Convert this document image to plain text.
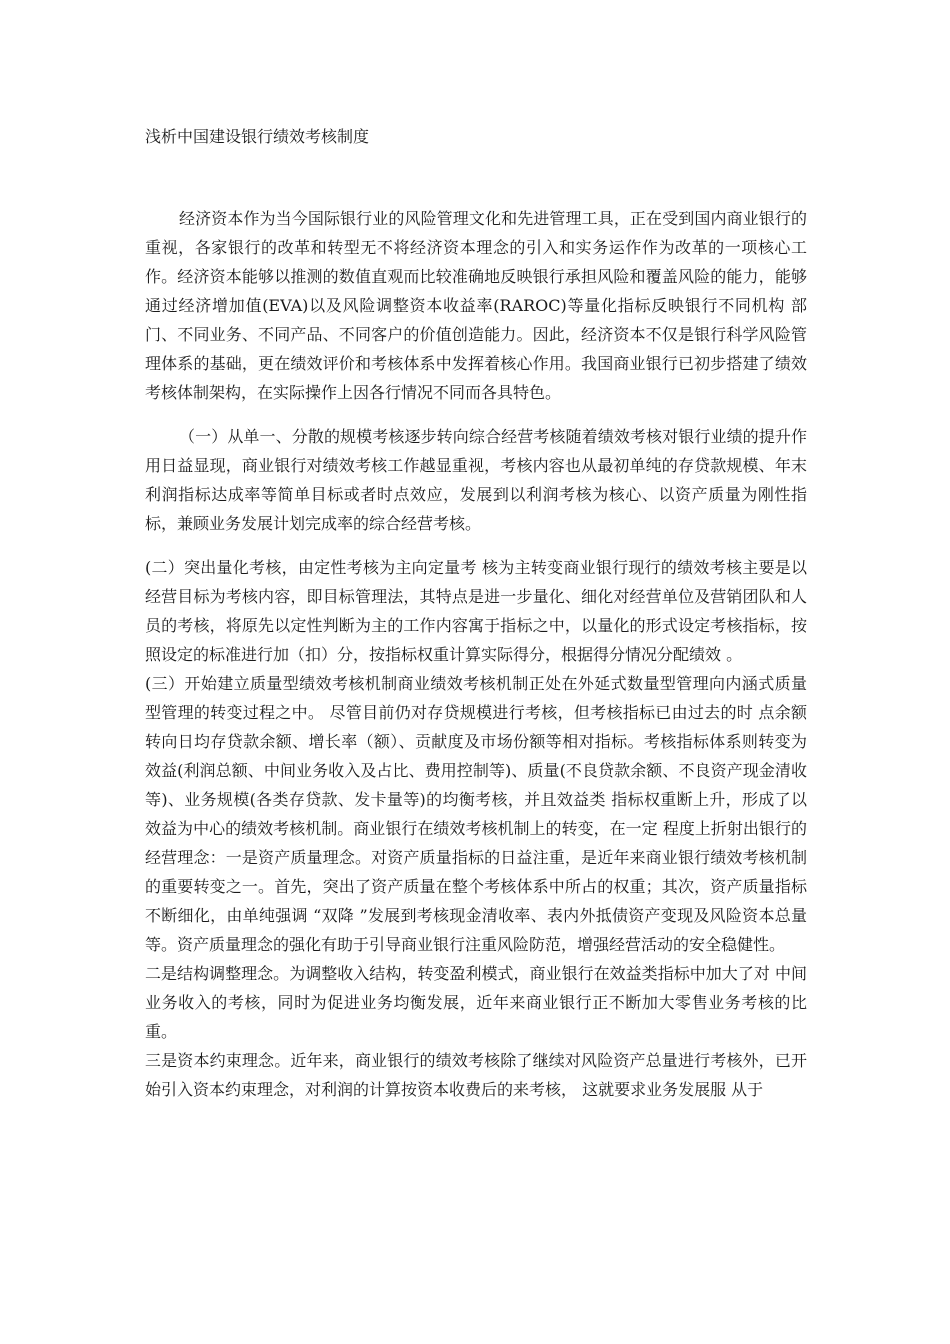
浅析中国建设银行绩效考核制度

经济资本作为当今国际银行业的风险管理文化和先进管理工具，正在受到国内商业银行的重视，各家银行的改革和转型无不将经济资本理念的引入和实务运作作为改革的一项核心工作。经济资本能够以推测的数值直观而比较准确地反映银行承担风险和覆盖风险的能力，能够通过经济增加值(EVA)以及风险调整资本收益率(RAROC)等量化指标反映银行不同机构 部门、不同业务、不同产品、不同客户的价值创造能力。因此，经济资本不仅是银行科学风险管理体系的基础，更在绩效评价和考核体系中发挥着核心作用。我国商业银行已初步搭建了绩效考核体制架构，在实际操作上因各行情况不同而各具特色。

（一）从单一、分散的规模考核逐步转向综合经营考核随着绩效考核对银行业绩的提升作用日益显现，商业银行对绩效考核工作越显重视，考核内容也从最初单纯的存贷款规模、年末利润指标达成率等简单目标或者时点效应，发展到以利润考核为核心、以资产质量为刚性指标，兼顾业务发展计划完成率的综合经营考核。

(二）突出量化考核，由定性考核为主向定量考 核为主转变商业银行现行的绩效考核主要是以经营目标为考核内容，即目标管理法，其特点是进一步量化、细化对经营单位及营销团队和人员的考核，将原先以定性判断为主的工作内容寓于指标之中，以量化的形式设定考核指标，按照设定的标准进行加（扣）分，按指标权重计算实际得分，根据得分情况分配绩效 。

(三）开始建立质量型绩效考核机制商业绩效考核机制正处在外延式数量型管理向内涵式质量型管理的转变过程之中。 尽管目前仍对存贷规模进行考核，但考核指标已由过去的时 点余额转向日均存贷款余额、增长率（额）、贡献度及市场份额等相对指标。考核指标体系则转变为效益(利润总额、中间业务收入及占比、费用控制等)、质量(不良贷款余额、不良资产现金清收等)、业务规模(各类存贷款、发卡量等)的均衡考核，并且效益类 指标权重断上升，形成了以效益为中心的绩效考核机制。商业银行在绩效考核机制上的转变，在一定 程度上折射出银行的经营理念：一是资产质量理念。对资产质量指标的日益注重，是近年来商业银行绩效考核机制的重要转变之一。首先，突出了资产质量在整个考核体系中所占的权重；其次，资产质量指标不断细化，由单纯强调 “双降 ”发展到考核现金清收率、表内外抵债资产变现及风险资本总量等。资产质量理念的强化有助于引导商业银行注重风险防范，增强经营活动的安全稳健性。

二是结构调整理念。为调整收入结构，转变盈利模式，商业银行在效益类指标中加大了对 中间业务收入的考核，同时为促进业务均衡发展，近年来商业银行正不断加大零售业务考核的比重。

三是资本约束理念。近年来，商业银行的绩效考核除了继续对风险资产总量进行考核外，已开始引入资本约束理念，对利润的计算按资本收费后的来考核， 这就要求业务发展服 从于
